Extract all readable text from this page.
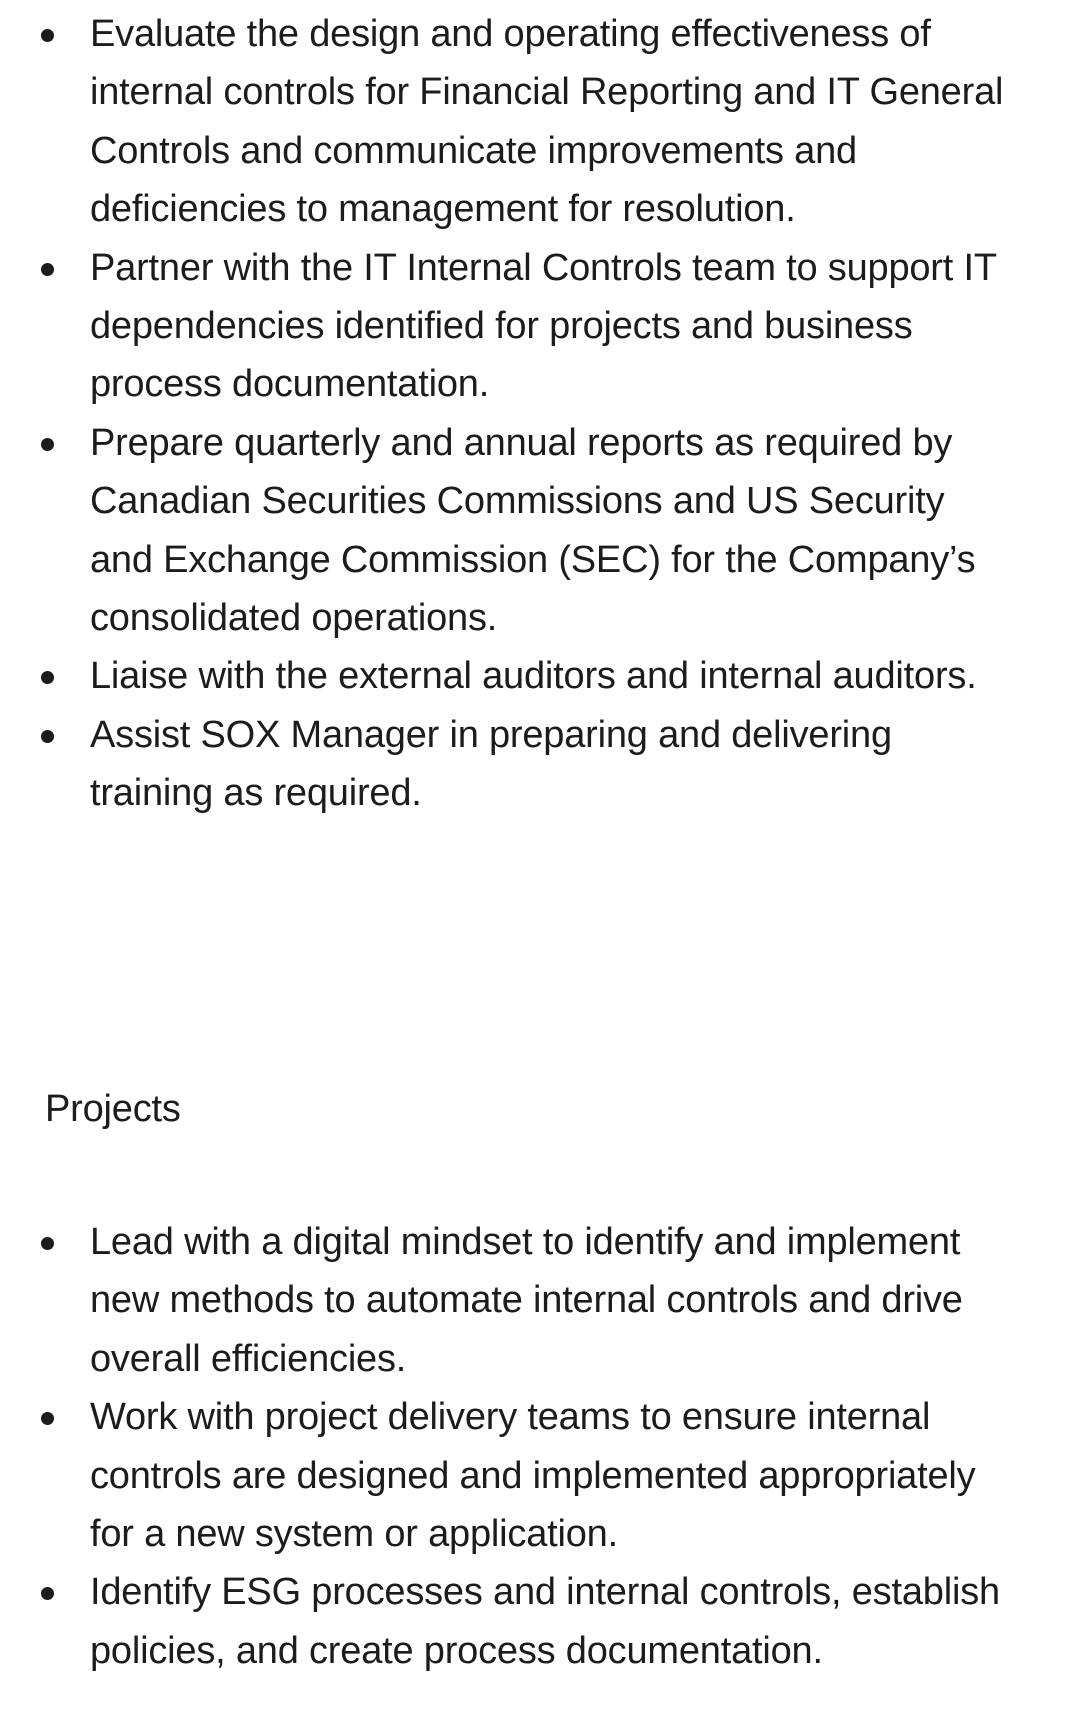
Evaluate the design and operating effectiveness of internal controls for Financial Reporting and IT General Controls and communicate improvements and deficiencies to management for resolution.
Partner with the IT Internal Controls team to support IT dependencies identified for projects and business process documentation.
Prepare quarterly and annual reports as required by Canadian Securities Commissions and US Security and Exchange Commission (SEC) for the Company’s consolidated operations.
Liaise with the external auditors and internal auditors.
Assist SOX Manager in preparing and delivering training as required.
Projects
Lead with a digital mindset to identify and implement new methods to automate internal controls and drive overall efficiencies.
Work with project delivery teams to ensure internal controls are designed and implemented appropriately for a new system or application.
Identify ESG processes and internal controls, establish policies, and create process documentation.
